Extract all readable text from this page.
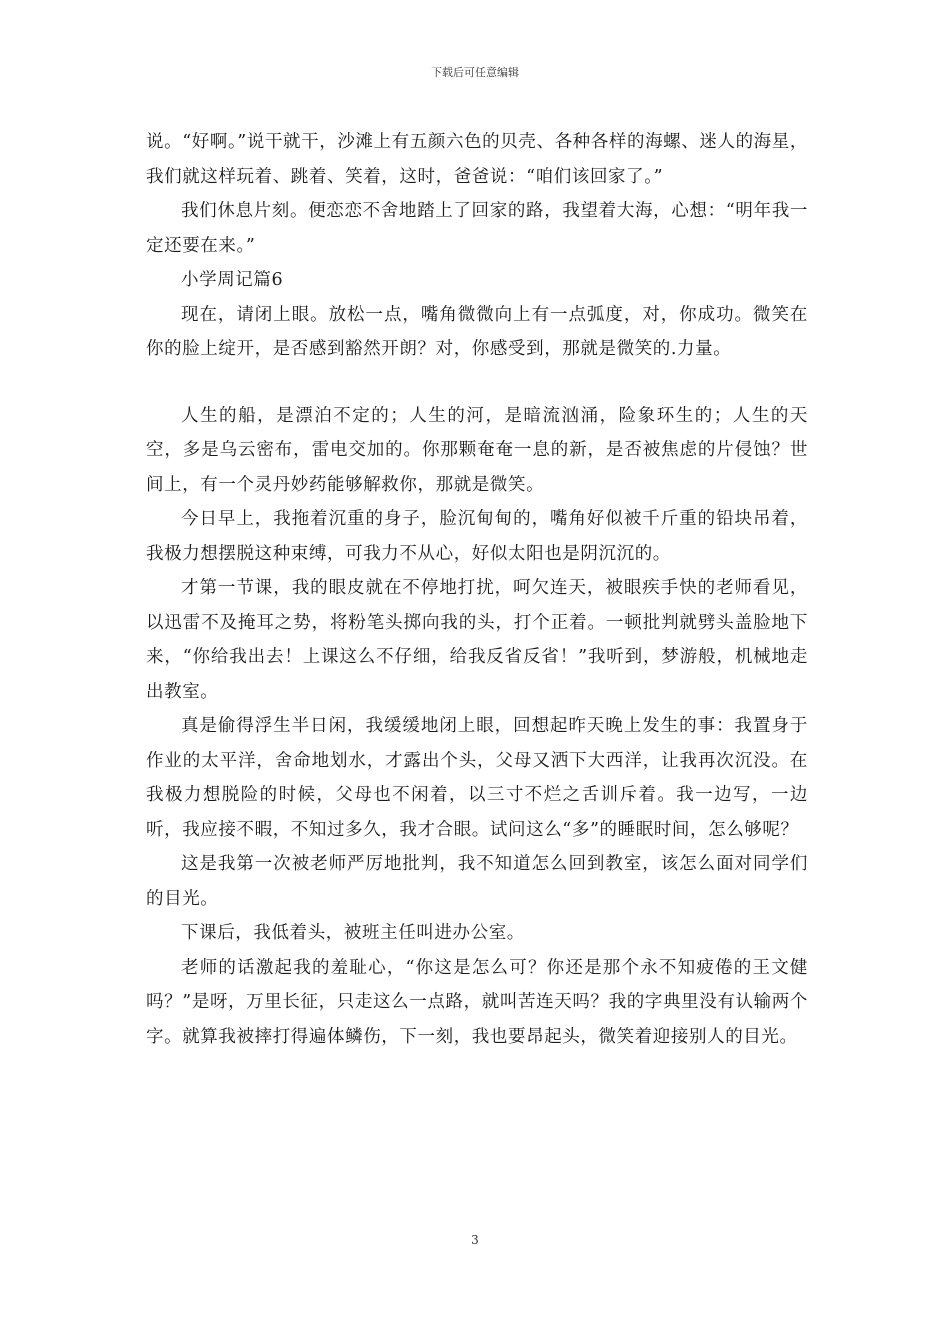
下载后可任意编辑

说。“好啊。”说干就干，沙滩上有五颜六色的贝壳、各种各样的海螺、迷人的海星，我们就这样玩着、跳着、笑着，这时，爸爸说：“咱们该回家了。”

我们休息片刻。便恋恋不舍地踏上了回家的路，我望着大海，心想：“明年我一定还要在来。”

小学周记篇6

现在，请闭上眼。放松一点，嘴角微微向上有一点弧度，对，你成功。微笑在你的脸上绽开，是否感到豁然开朗？对，你感受到，那就是微笑的.力量。

人生的船，是漂泊不定的；人生的河，是暗流汹涌，险象环生的；人生的天空，多是乌云密布，雷电交加的。你那颗奄奄一息的新，是否被焦虑的片侵蚀？世间上，有一个灵丹妙药能够解救你，那就是微笑。

今日早上，我拖着沉重的身子，脸沉甸甸的，嘴角好似被千斤重的铅块吊着，我极力想摆脱这种束缚，可我力不从心，好似太阳也是阴沉沉的。

才第一节课，我的眼皮就在不停地打扰，呵欠连天，被眼疾手快的老师看见，以迅雷不及掩耳之势，将粉笔头掷向我的头，打个正着。一顿批判就劈头盖脸地下来，“你给我出去！上课这么不仔细，给我反省反省！”我听到，梦游般，机械地走出教室。

真是偷得浮生半日闲，我缓缓地闭上眼，回想起昨天晚上发生的事：我置身于作业的太平洋，舍命地划水，才露出个头，父母又洒下大西洋，让我再次沉没。在我极力想脱险的时候，父母也不闲着，以三寸不烂之舌训斥着。我一边写，一边听，我应接不暇，不知过多久，我才合眼。试问这么“多”的睡眠时间，怎么够呢？

这是我第一次被老师严厉地批判，我不知道怎么回到教室，该怎么面对同学们的目光。

下课后，我低着头，被班主任叫进办公室。

老师的话激起我的羞耻心，“你这是怎么可？你还是那个永不知疲倦的王文健吗？”是呀，万里长征，只走这么一点路，就叫苦连天吗？我的字典里没有认输两个字。就算我被摔打得遍体鳞伤，下一刻，我也要昂起头，微笑着迎接别人的目光。

3
